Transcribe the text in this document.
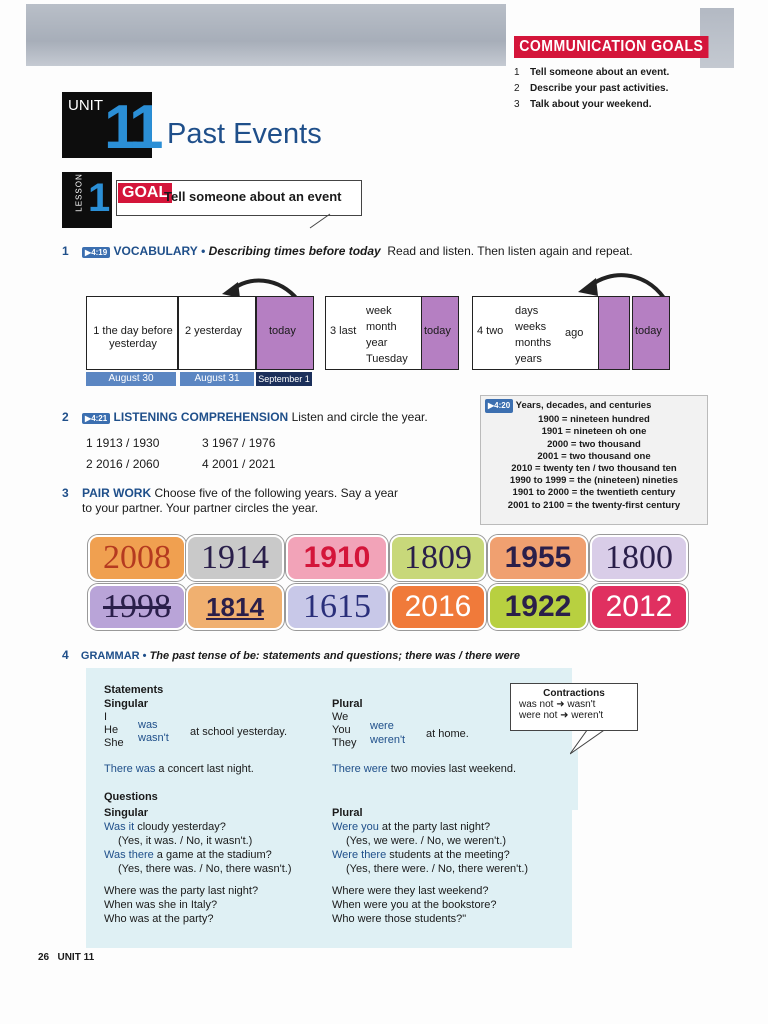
COMMUNICATION GOALS
1 Tell someone about an event.
2 Describe your past activities.
3 Talk about your weekend.
UNIT 11 Past Events
LESSON 1 GOAL
Tell someone about an event
1 ▶4:19 VOCABULARY • Describing times before today Read and listen. Then listen again and repeat.
1 the day before yesterday
2 yesterday	today
August 30	August 31	September 1
3 last
week
month
year
Tuesday
today	4 two
days
weeks
months
years
ago	today
2 ▶4:21 LISTENING COMPREHENSION Listen and circle the year.
1 1913 / 1930	3 1967 / 1976
2 2016 / 2060	4 2001 / 2021
3 PAIR WORK Choose five of the following years. Say a year
to your partner. Your partner circles the year.
▶4:20 Years, decades, and centuries
1900 = nineteen hundred
1901 = nineteen oh one
2000 = two thousand
2001 = two thousand one
2010 = twenty ten / two thousand ten
1990 to 1999 = the (nineteen) nineties
1901 to 2000 = the twentieth century
2001 to 2100 = the twenty-first century
2008 1914	1910 1809	1955 1800
1998	1814	1615	2016	1922	2012
4 GRAMMAR • The past tense of be: statements and questions; there was / there were
Statements
Singular
I
He
She
was
wasn't at school yesterday.
There was a concert last night.
Plural
We
You
They
were
weren't at home.
There were two movies last weekend.
Questions
Singular
Was it cloudy yesterday?
(Yes, it was. / No, it wasn't.)
Was there a game at the stadium?
(Yes, there was. / No, there wasn't.)
Plural
Were you at the party last night?
(Yes, we were. / No, we weren't.)
Were there students at the meeting?
(Yes, there were. / No, there weren't.)
Where was the party last night?
When was she in Italy?
Who was at the party?
Where were they last weekend?
When were you at the bookstore?
Who were those students?"
Contractions
was not ➜ wasn't
were not ➜ weren't
26 UNIT 11
